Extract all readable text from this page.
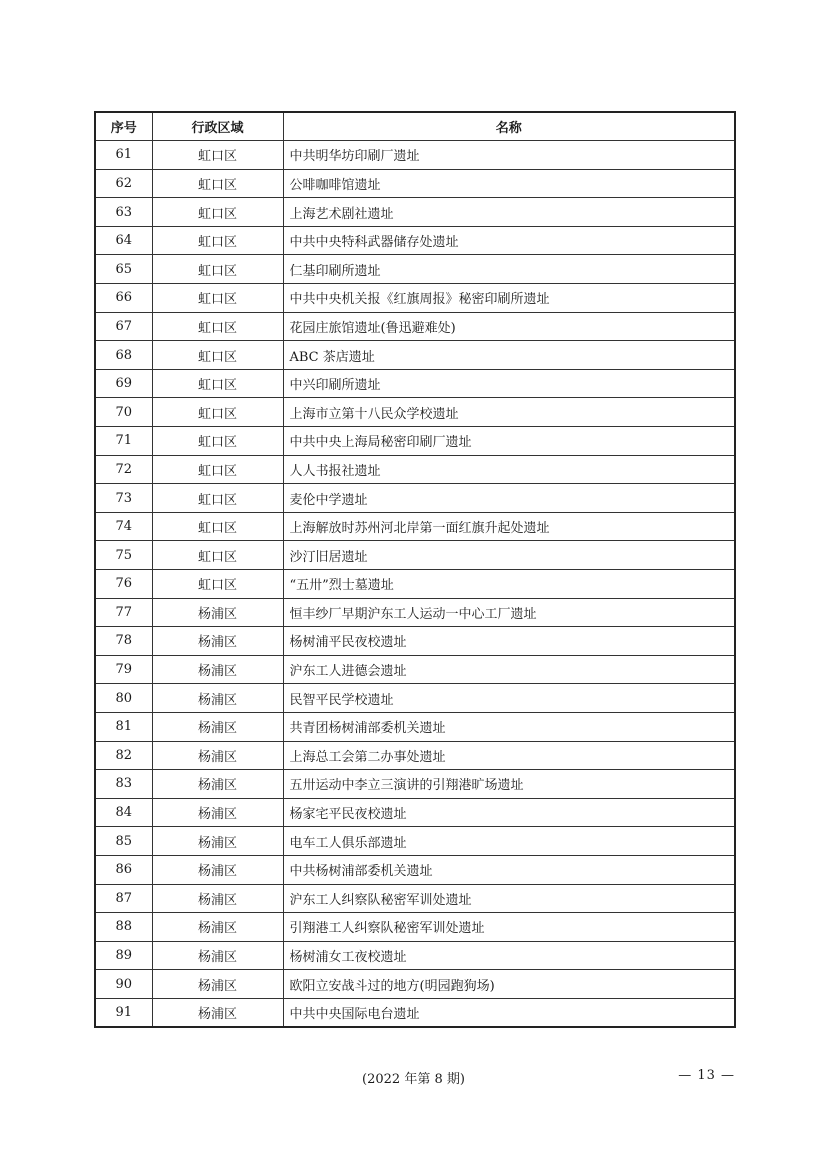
序号	行政区域	名称
61	虹口区	中共明华坊印刷厂遗址
62	虹口区	公啡咖啡馆遗址
63	虹口区	上海艺术剧社遗址
64	虹口区	中共中央特科武器储存处遗址
65	虹口区	仁基印刷所遗址
66	虹口区	中共中央机关报《红旗周报》秘密印刷所遗址
67	虹口区	花园庄旅馆遗址(鲁迅避难处)
68	虹口区	ABC 茶店遗址
69	虹口区	中兴印刷所遗址
70	虹口区	上海市立第十八民众学校遗址
71	虹口区	中共中央上海局秘密印刷厂遗址
72	虹口区	人人书报社遗址
73	虹口区	麦伦中学遗址
74	虹口区	上海解放时苏州河北岸第一面红旗升起处遗址
75	虹口区	沙汀旧居遗址
76	虹口区	“五卅”烈士墓遗址
77	杨浦区	恒丰纱厂早期沪东工人运动一中心工厂遗址
78	杨浦区	杨树浦平民夜校遗址
79	杨浦区	沪东工人进德会遗址
80	杨浦区	民智平民学校遗址
81	杨浦区	共青团杨树浦部委机关遗址
82	杨浦区	上海总工会第二办事处遗址
83	杨浦区	五卅运动中李立三演讲的引翔港旷场遗址
84	杨浦区	杨家宅平民夜校遗址
85	杨浦区	电车工人俱乐部遗址
86	杨浦区	中共杨树浦部委机关遗址
87	杨浦区	沪东工人纠察队秘密军训处遗址
88	杨浦区	引翔港工人纠察队秘密军训处遗址
89	杨浦区	杨树浦女工夜校遗址
90	杨浦区	欧阳立安战斗过的地方(明园跑狗场)
91	杨浦区	中共中央国际电台遗址
(2022 年第 8 期)	— 13 —
